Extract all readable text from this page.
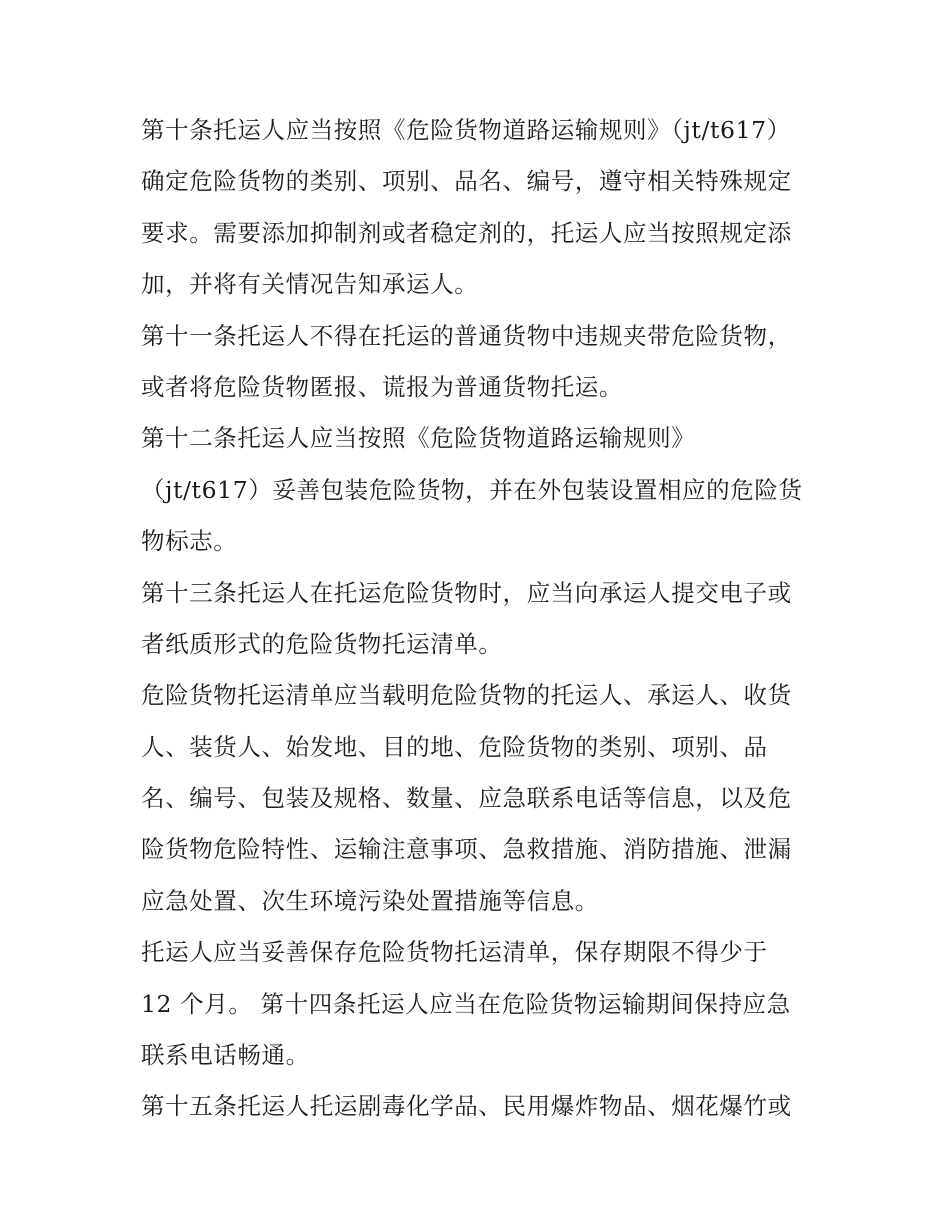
第十条托运人应当按照《危险货物道路运输规则》（jt/t617）
确定危险货物的类别、项别、品名、编号，遵守相关特殊规定
要求。需要添加抑制剂或者稳定剂的，托运人应当按照规定添
加，并将有关情况告知承运人。
第十一条托运人不得在托运的普通货物中违规夹带危险货物，
或者将危险货物匿报、谎报为普通货物托运。
第十二条托运人应当按照《危险货物道路运输规则》
（jt/t617）妥善包装危险货物，并在外包装设置相应的危险货
物标志。
第十三条托运人在托运危险货物时，应当向承运人提交电子或
者纸质形式的危险货物托运清单。
危险货物托运清单应当载明危险货物的托运人、承运人、收货
人、装货人、始发地、目的地、危险货物的类别、项别、品
名、编号、包装及规格、数量、应急联系电话等信息，以及危
险货物危险特性、运输注意事项、急救措施、消防措施、泄漏
应急处置、次生环境污染处置措施等信息。
托运人应当妥善保存危险货物托运清单，保存期限不得少于
12 个月。 第十四条托运人应当在危险货物运输期间保持应急
联系电话畅通。
第十五条托运人托运剧毒化学品、民用爆炸物品、烟花爆竹或
